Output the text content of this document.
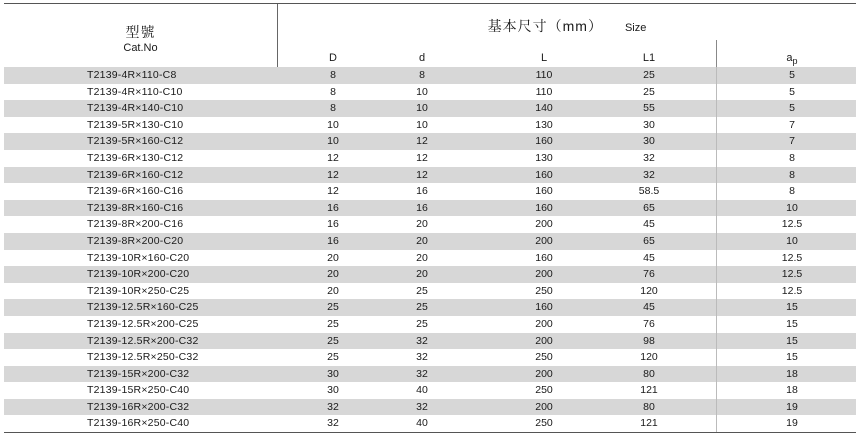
型號
Cat.No
基本尺寸（mm） Size
D	d	L	L1	$a_p$
T2139-4R×110-C8	8	8	110	25	5
T2139-4R×110-C10	8	10	110	25	5
T2139-4R×140-C10	8	10	140	55	5
T2139-5R×130-C10	10	10	130	30	7
T2139-5R×160-C12	10	12	160	30	7
T2139-6R×130-C12	12	12	130	32	8
T2139-6R×160-C12	12	12	160	32	8
T2139-6R×160-C16	12	16	160	58.5	8
T2139-8R×160-C16	16	16	160	65	10
T2139-8R×200-C16	16	20	200	45	12.5
T2139-8R×200-C20	16	20	200	65	10
T2139-10R×160-C20	20	20	160	45	12.5
T2139-10R×200-C20	20	20	200	76	12.5
T2139-10R×250-C25	20	25	250	120	12.5
T2139-12.5R×160-C25	25	25	160	45	15
T2139-12.5R×200-C25	25	25	200	76	15
T2139-12.5R×200-C32	25	32	200	98	15
T2139-12.5R×250-C32	25	32	250	120	15
T2139-15R×200-C32	30	32	200	80	18
T2139-15R×250-C40	30	40	250	121	18
T2139-16R×200-C32	32	32	200	80	19
T2139-16R×250-C40	32	40	250	121	19
